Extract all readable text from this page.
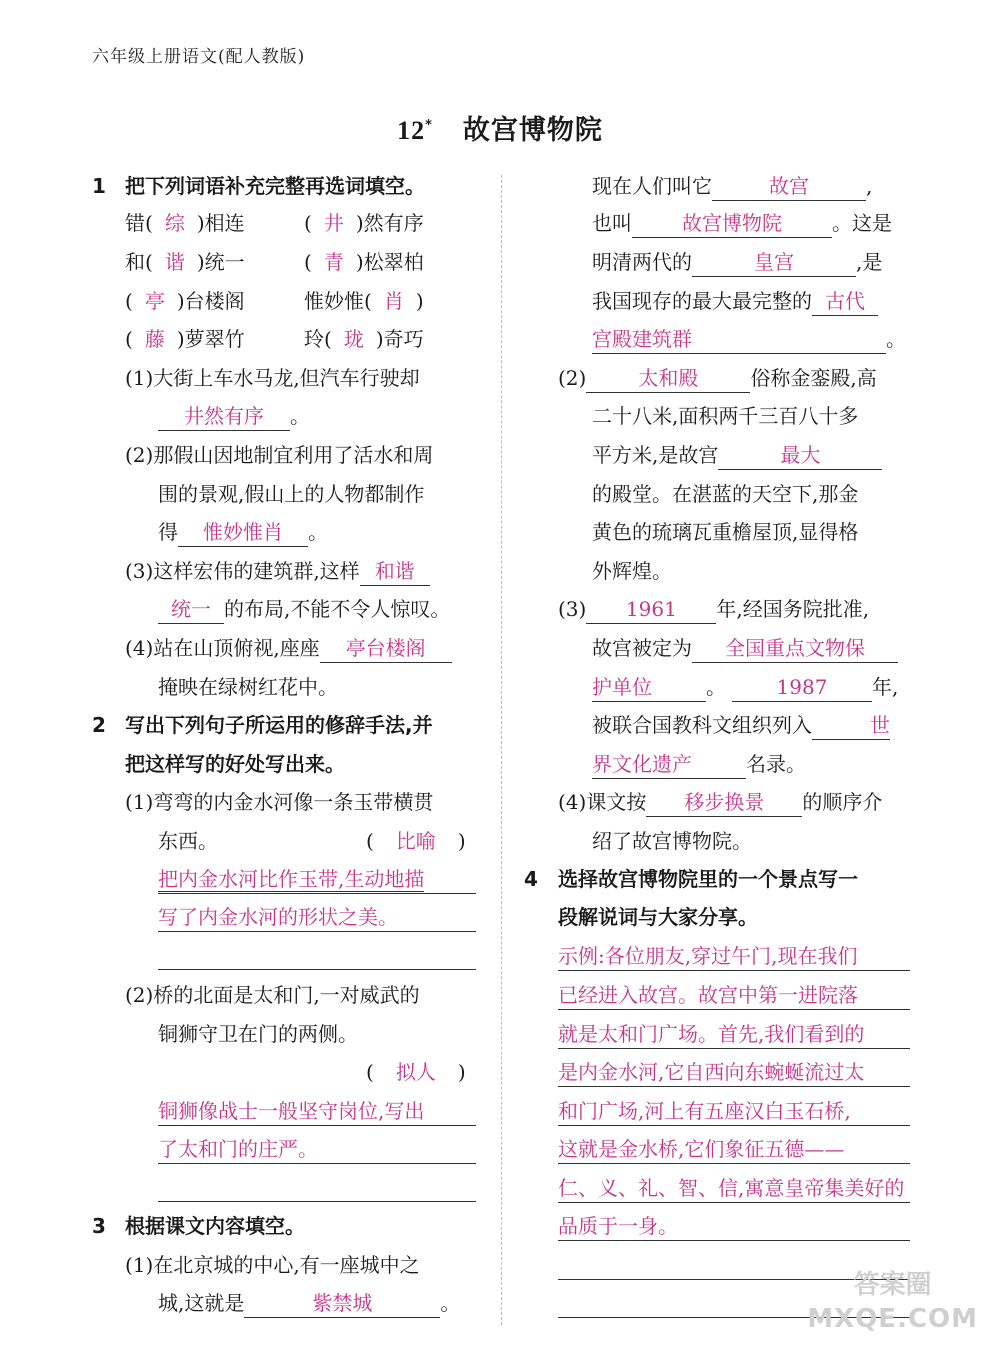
六年级上册语文(配人教版)
12* 故宫博物院
1 把下列词语补充完整再选词填空。
错( 综 )相连	( 井 )然有序
和( 谐 )统一	( 青 )松翠柏
( 亭 )台楼阁	惟妙惟( 肖 )
( 藤 )萝翠竹	玲( 珑 )奇巧
(1)大街上车水马龙,但汽车行驶却
井然有序 。
(2)那假山因地制宜利用了活水和周
围的景观,假山上的人物都制作
得 惟妙惟肖 。
(3)这样宏伟的建筑群,这样 和谐
统一 的布局,不能不令人惊叹。
(4)站在山顶俯视,座座 亭台楼阁
掩映在绿树红花中。
2 写出下列句子所运用的修辞手法,并
把这样写的好处写出来。
(1)弯弯的内金水河像一条玉带横贯
东西。	( 比喻 )
把内金水河比作玉带,生动地描
写了内金水河的形状之美。
(2)桥的北面是太和门,一对威武的
铜狮守卫在门的两侧。
( 拟人 )
铜狮像战士一般坚守岗位,写出
了太和门的庄严。
3 根据课文内容填空。
(1)在北京城的中心,有一座城中之
城,这就是	紫禁城	。
现在人们叫它	故宫	,
也叫	故宫博物院	。这是
明清两代的	皇宫	,是
我国现存的最大最完整的 古代
宫殿建筑群	。
(2)	太和殿	俗称金銮殿,高
二十八米,面积两千三百八十多
平方米,是故宫	最大
的殿堂。在湛蓝的天空下,那金
黄色的琉璃瓦重檐屋顶,显得格
外辉煌。
(3) 1961 年,经国务院批准,
故宫被定为 全国重点文物保
护单位	。	1987 年,
被联合国教科文组织列入	世
界文化遗产	名录。
(4)课文按 移步换景 的顺序介
绍了故宫博物院。
4 选择故宫博物院里的一个景点写一
段解说词与大家分享。
示例:各位朋友,穿过午门,现在我们
已经进入故宫。故宫中第一进院落
就是太和门广场。首先,我们看到的
是内金水河,它自西向东蜿蜒流过太
和门广场,河上有五座汉白玉石桥,
这就是金水桥,它们象征五德——
仁、义、礼、智、信,寓意皇帝集美好的
品质于一身。
答案圈
MXQE.COM
